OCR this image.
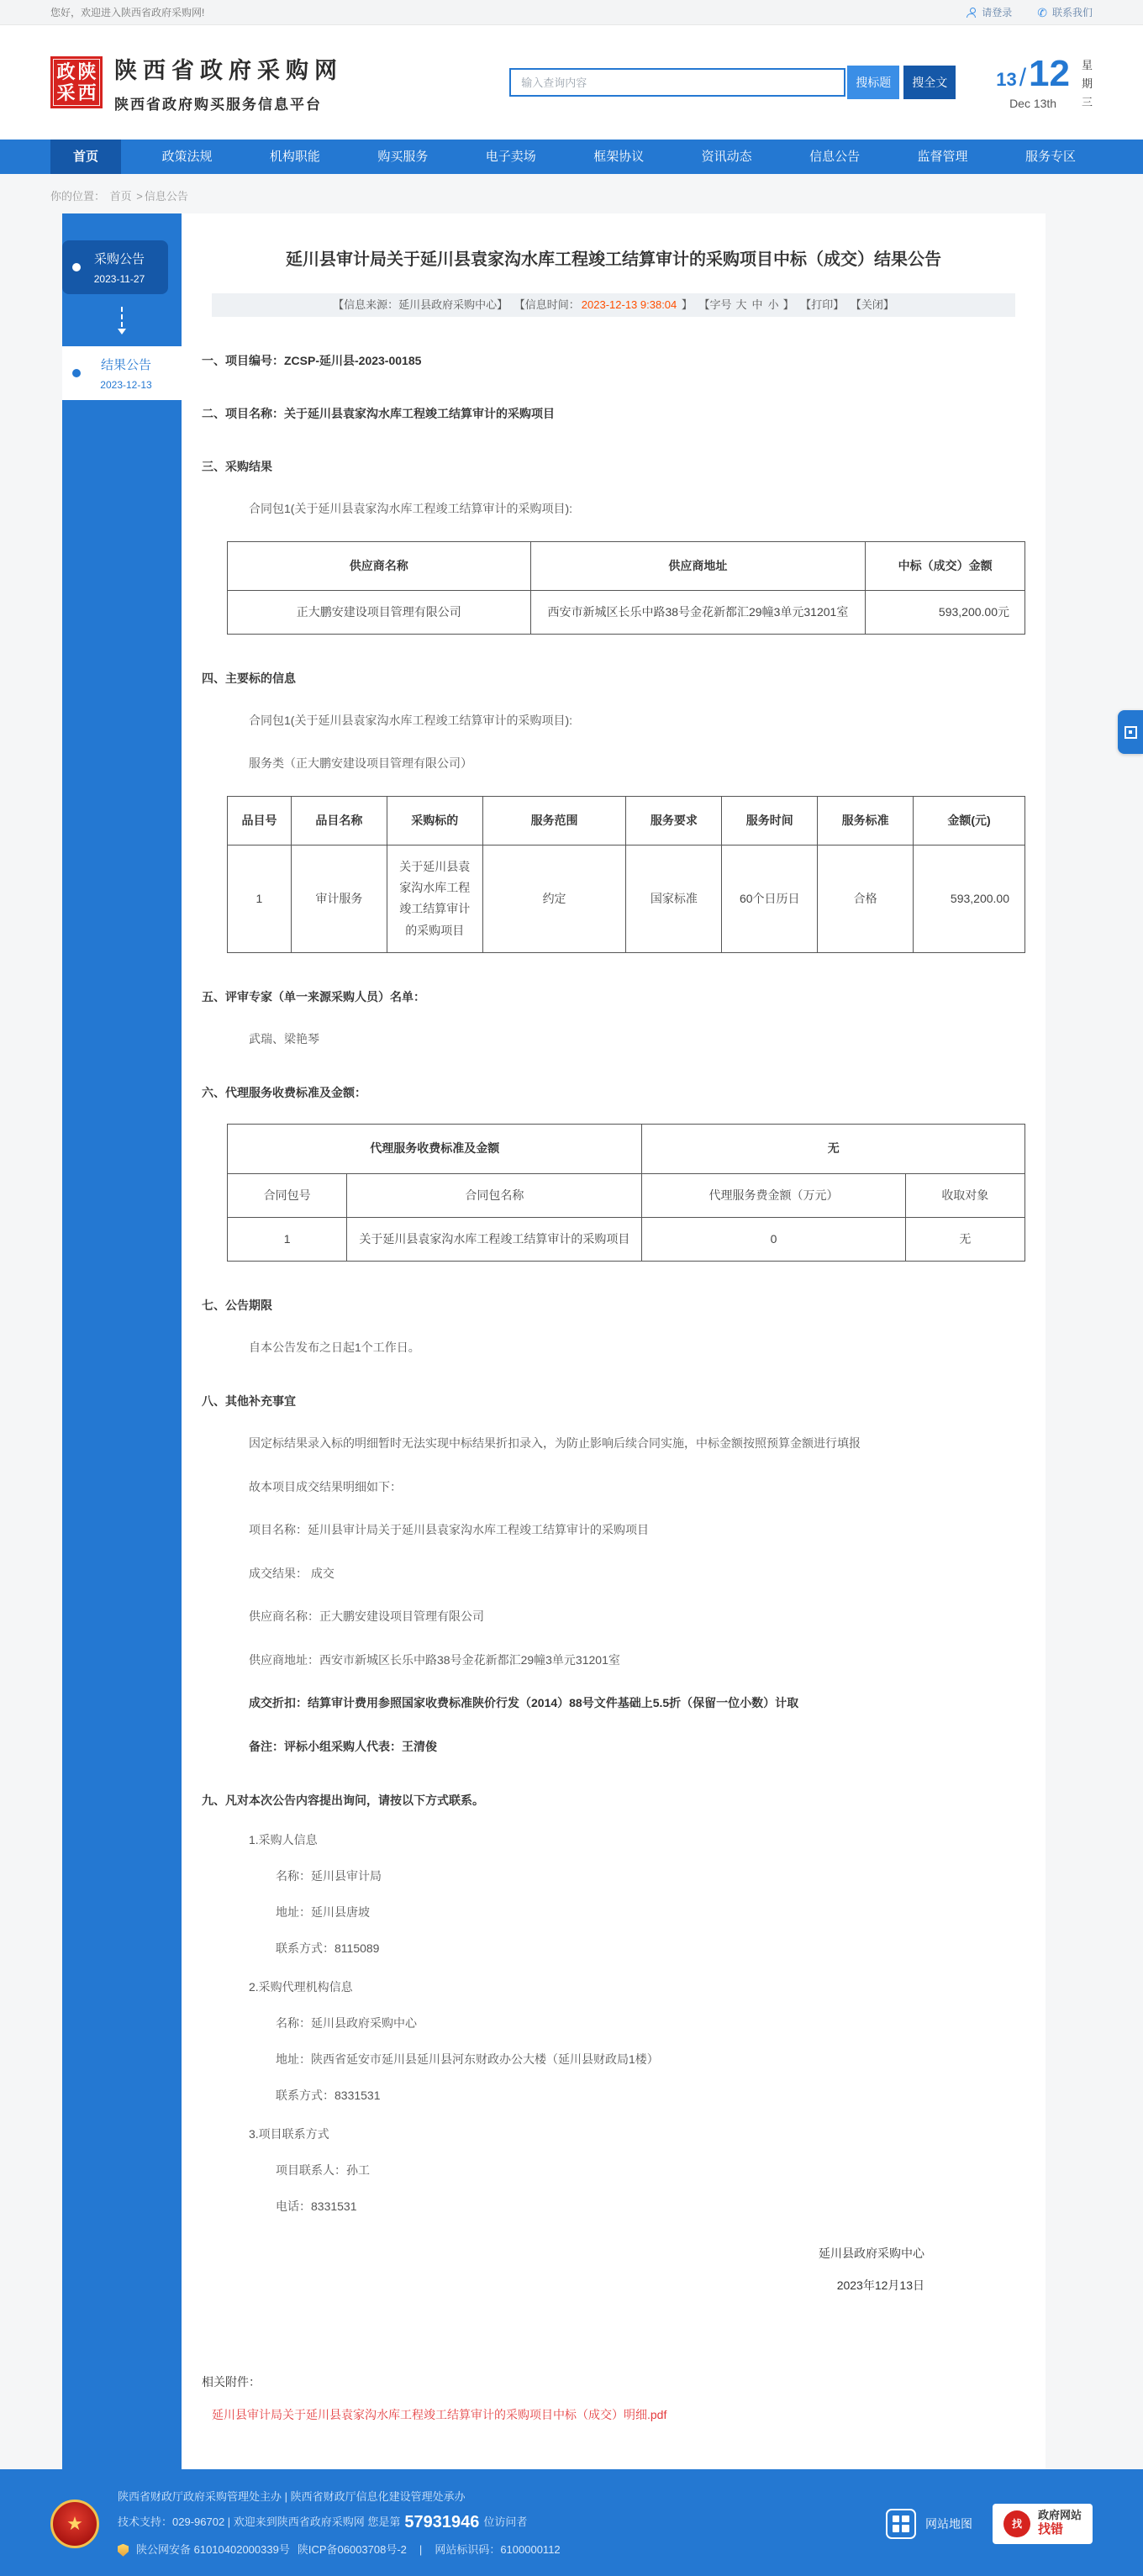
您好，欢迎进入陕西省政府采购网!	请登录 ✆ 联系我们
政 陕
采 西
陕西省政府采购网
陕西省政府购买服务信息平台
输入查询内容
搜标题	搜全文	13 / 12
Dec 13th
星
期
三
首页	政策法规	机构职能	购买服务	电子卖场	框架协议	资讯动态	信息公告	监督管理	服务专区
你的位置： 首页 > 信息公告
采购公告
2023-11-27
结果公告
2023-12-13
延川县审计局关于延川县袁家沟水库工程竣工结算审计的采购项目中标（成交）结果公告
【信息来源：延川县政府采购中心】 【信息时间： 2023-12-13 9:38:04 】 【字号 大 中 小 】 【打印】 【关闭】
一、项目编号：ZCSP-延川县-2023-00185
二、项目名称：关于延川县袁家沟水库工程竣工结算审计的采购项目
三、采购结果
合同包1(关于延川县袁家沟水库工程竣工结算审计的采购项目):
供应商名称	供应商地址	中标（成交）金额
正大鹏安建设项目管理有限公司	西安市新城区长乐中路38号金花新都汇29幢3单元31201室	593,200.00元
四、主要标的信息
合同包1(关于延川县袁家沟水库工程竣工结算审计的采购项目):
服务类（正大鹏安建设项目管理有限公司）
品目号	品目名称	采购标的	服务范围	服务要求	服务时间	服务标准	金额(元)
1	审计服务	关于延川县袁家沟水库工程竣工结算审计的采购项目	约定	国家标准	60个日历日	合格	593,200.00
五、评审专家（单一来源采购人员）名单：
武瑞、梁艳琴
六、代理服务收费标准及金额：
代理服务收费标准及金额		无	
合同包号	合同包名称	代理服务费金额（万元）	收取对象
1	关于延川县袁家沟水库工程竣工结算审计的采购项目	0	无
七、公告期限
自本公告发布之日起1个工作日。
八、其他补充事宜
因定标结果录入标的明细暂时无法实现中标结果折扣录入，为防止影响后续合同实施，中标金额按照预算金额进行填报
故本项目成交结果明细如下：
项目名称：延川县审计局关于延川县袁家沟水库工程竣工结算审计的采购项目
成交结果： 成交
供应商名称：正大鹏安建设项目管理有限公司
供应商地址：西安市新城区长乐中路38号金花新都汇29幢3单元31201室
成交折扣：结算审计费用参照国家收费标准陕价行发（2014）88号文件基础上5.5折（保留一位小数）计取
备注：评标小组采购人代表：王清俊
九、凡对本次公告内容提出询问，请按以下方式联系。
1.采购人信息
名称：延川县审计局
地址：延川县唐坡
联系方式：8115089
2.采购代理机构信息
名称：延川县政府采购中心
地址：陕西省延安市延川县延川县河东财政办公大楼（延川县财政局1楼）
联系方式：8331531
3.项目联系方式
项目联系人：孙工
电话：8331531
延川县政府采购中心
2023年12月13日
相关附件：
延川县审计局关于延川县袁家沟水库工程竣工结算审计的采购项目中标（成交）明细.pdf
★
陕西省财政厅政府采购管理处主办 | 陕西省财政厅信息化建设管理处承办
技术支持：029-96702 | 欢迎来到陕西省政府采购网 您是第 57931946 位访问者
陕公网安备 61010402000339号 陕ICP备06003708号-2 | 网站标识码：6100000112
网站地图	找
政府网站
找错
